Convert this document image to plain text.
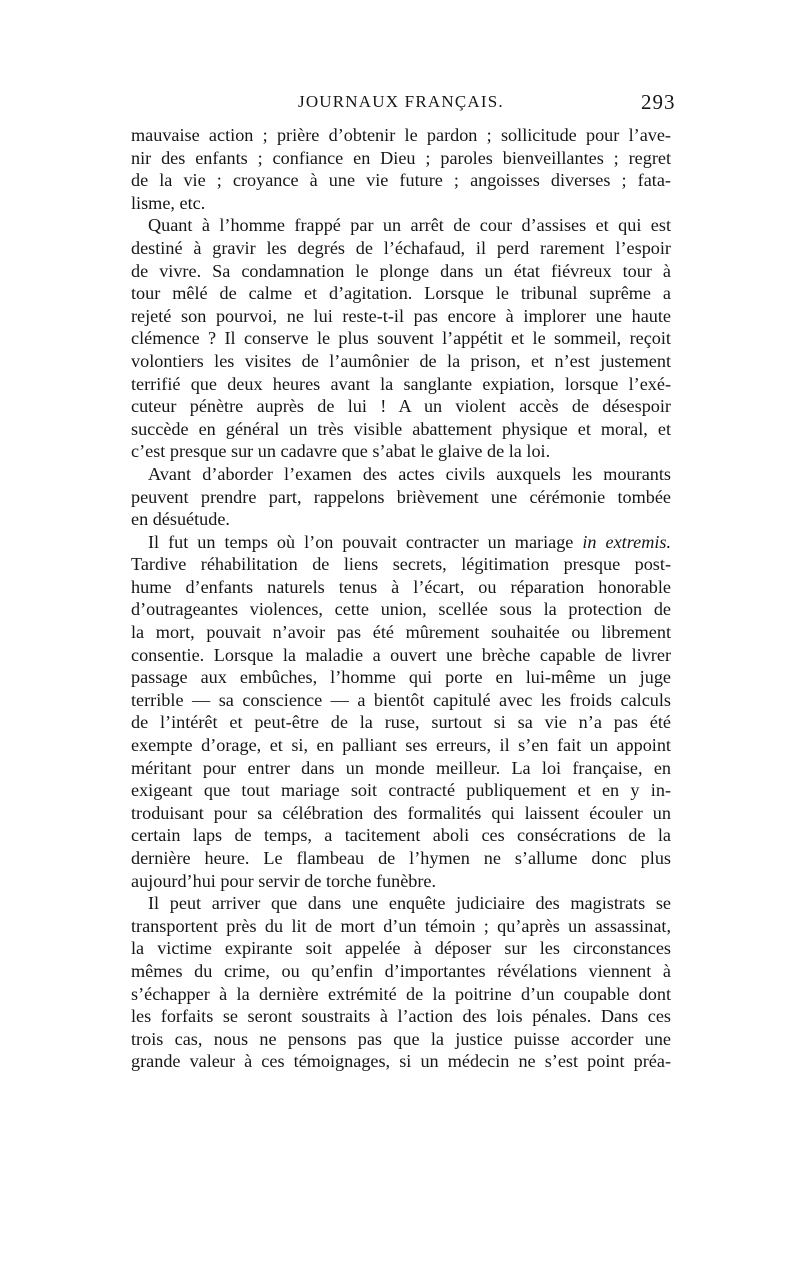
JOURNAUX FRANÇAIS.	293
mauvaise action ; prière d’obtenir le pardon ; sollicitude pour l’ave-
nir des enfants ; confiance en Dieu ; paroles bienveillantes ; regret
de la vie ; croyance à une vie future ; angoisses diverses ; fata-
lisme, etc.
Quant à l’homme frappé par un arrêt de cour d’assises et qui est
destiné à gravir les degrés de l’échafaud, il perd rarement l’espoir
de vivre. Sa condamnation le plonge dans un état fiévreux tour à
tour mêlé de calme et d’agitation. Lorsque le tribunal suprême a
rejeté son pourvoi, ne lui reste-t-il pas encore à implorer une haute
clémence ? Il conserve le plus souvent l’appétit et le sommeil, reçoit
volontiers les visites de l’aumônier de la prison, et n’est justement
terrifié que deux heures avant la sanglante expiation, lorsque l’exé-
cuteur pénètre auprès de lui ! A un violent accès de désespoir
succède en général un très visible abattement physique et moral, et
c’est presque sur un cadavre que s’abat le glaive de la loi.
Avant d’aborder l’examen des actes civils auxquels les mourants
peuvent prendre part, rappelons brièvement une cérémonie tombée
en désuétude.
Il fut un temps où l’on pouvait contracter un mariage in extremis.
Tardive réhabilitation de liens secrets, légitimation presque post-
hume d’enfants naturels tenus à l’écart, ou réparation honorable
d’outrageantes violences, cette union, scellée sous la protection de
la mort, pouvait n’avoir pas été mûrement souhaitée ou librement
consentie. Lorsque la maladie a ouvert une brèche capable de livrer
passage aux embûches, l’homme qui porte en lui-même un juge
terrible — sa conscience — a bientôt capitulé avec les froids calculs
de l’intérêt et peut-être de la ruse, surtout si sa vie n’a pas été
exempte d’orage, et si, en palliant ses erreurs, il s’en fait un appoint
méritant pour entrer dans un monde meilleur. La loi française, en
exigeant que tout mariage soit contracté publiquement et en y in-
troduisant pour sa célébration des formalités qui laissent écouler un
certain laps de temps, a tacitement aboli ces consécrations de la
dernière heure. Le flambeau de l’hymen ne s’allume donc plus
aujourd’hui pour servir de torche funèbre.
Il peut arriver que dans une enquête judiciaire des magistrats se
transportent près du lit de mort d’un témoin ; qu’après un assassinat,
la victime expirante soit appelée à déposer sur les circonstances
mêmes du crime, ou qu’enfin d’importantes révélations viennent à
s’échapper à la dernière extrémité de la poitrine d’un coupable dont
les forfaits se seront soustraits à l’action des lois pénales. Dans ces
trois cas, nous ne pensons pas que la justice puisse accorder une
grande valeur à ces témoignages, si un médecin ne s’est point préa-
